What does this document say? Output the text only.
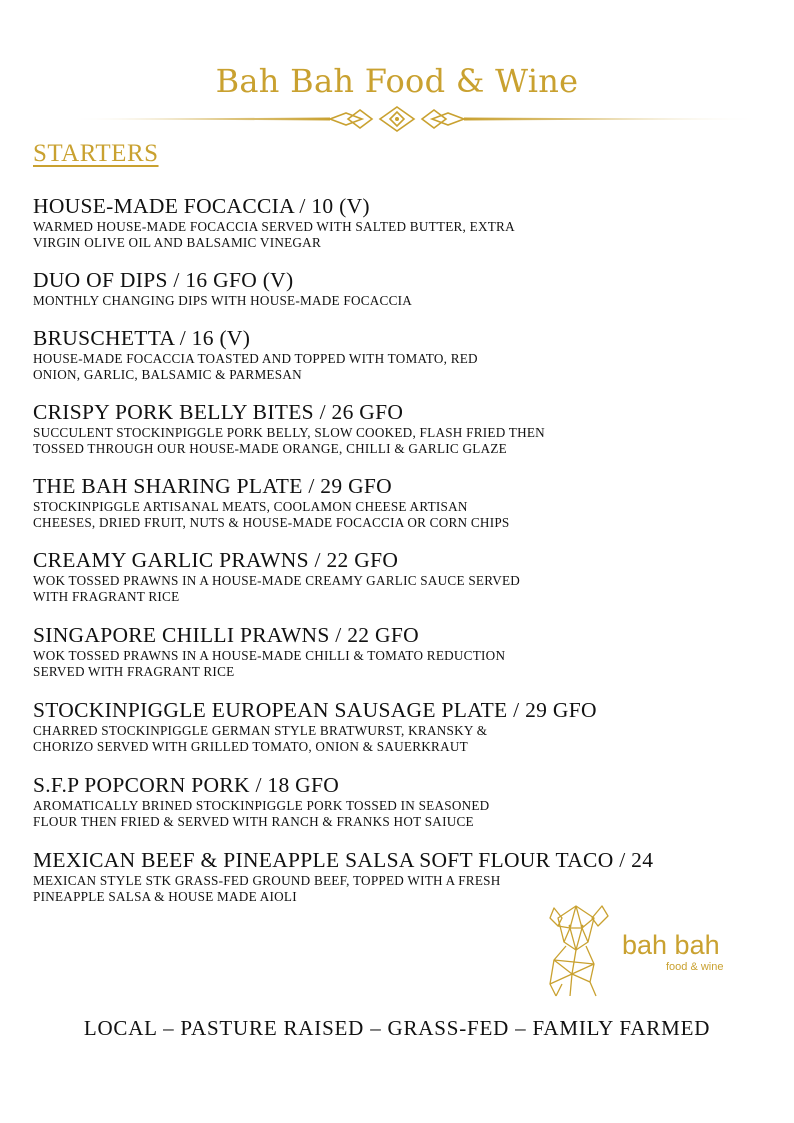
Bah Bah Food & Wine
STARTERS
HOUSE-MADE FOCACCIA / 10 (V)
WARMED HOUSE-MADE FOCACCIA SERVED WITH SALTED BUTTER, EXTRA
VIRGIN OLIVE OIL AND BALSAMIC VINEGAR
DUO OF DIPS / 16 GFO (V)
MONTHLY CHANGING DIPS WITH HOUSE-MADE FOCACCIA
BRUSCHETTA / 16 (V)
HOUSE-MADE FOCACCIA TOASTED AND TOPPED WITH TOMATO, RED
ONION, GARLIC, BALSAMIC & PARMESAN
CRISPY PORK BELLY BITES / 26 GFO
SUCCULENT STOCKINPIGGLE PORK BELLY, SLOW COOKED, FLASH FRIED THEN
TOSSED THROUGH OUR HOUSE-MADE ORANGE, CHILLI & GARLIC GLAZE
THE BAH SHARING PLATE / 29 GFO
STOCKINPIGGLE ARTISANAL MEATS, COOLAMON CHEESE ARTISAN
CHEESES, DRIED FRUIT, NUTS & HOUSE-MADE FOCACCIA OR CORN CHIPS
CREAMY GARLIC PRAWNS / 22 GFO
WOK TOSSED PRAWNS IN A HOUSE-MADE CREAMY GARLIC SAUCE SERVED
WITH FRAGRANT RICE
SINGAPORE CHILLI PRAWNS / 22 GFO
WOK TOSSED PRAWNS IN A HOUSE-MADE CHILLI & TOMATO REDUCTION
SERVED WITH FRAGRANT RICE
STOCKINPIGGLE EUROPEAN SAUSAGE PLATE / 29 GFO
CHARRED STOCKINPIGGLE GERMAN STYLE BRATWURST, KRANSKY &
CHORIZO SERVED WITH GRILLED TOMATO, ONION & SAUERKRAUT
S.F.P POPCORN PORK / 18 GFO
AROMATICALLY BRINED STOCKINPIGGLE PORK TOSSED IN SEASONED
FLOUR THEN FRIED & SERVED WITH RANCH & FRANKS HOT SAIUCE
MEXICAN BEEF & PINEAPPLE SALSA SOFT FLOUR TACO / 24
MEXICAN STYLE STK GRASS-FED GROUND BEEF, TOPPED WITH A FRESH
PINEAPPLE SALSA & HOUSE MADE AIOLI
bah bah
food & wine
LOCAL – PASTURE RAISED – GRASS-FED – FAMILY FARMED
